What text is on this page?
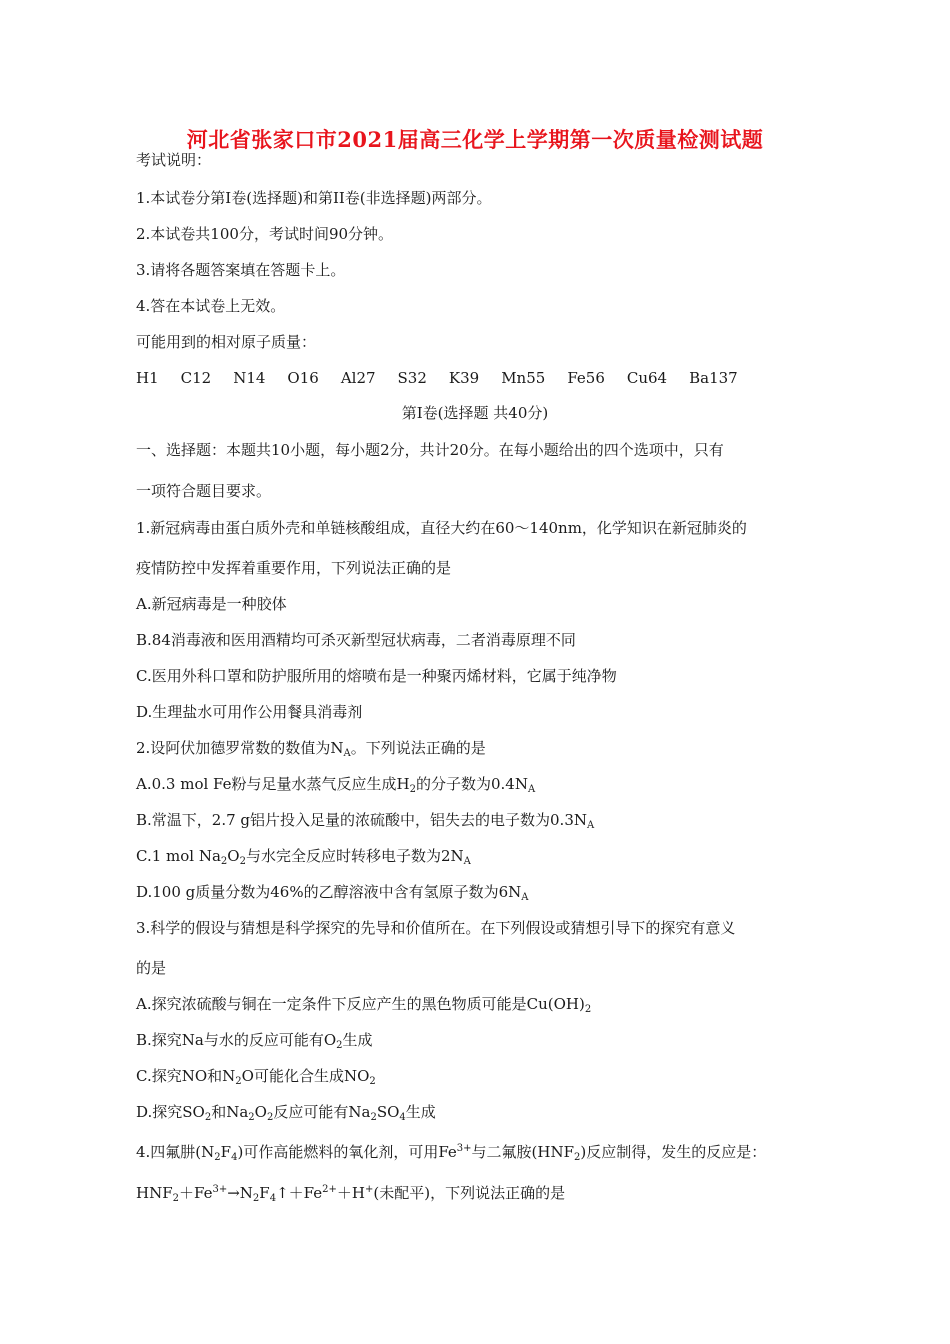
河北省张家口市2021届高三化学上学期第一次质量检测试题
考试说明：
1.本试卷分第Ⅰ卷(选择题)和第II卷(非选择题)两部分。
2.本试卷共100分，考试时间90分钟。
3.请将各题答案填在答题卡上。
4.答在本试卷上无效。
可能用到的相对原子质量：
H1 C12 N14 O16 Al27 S32 K39 Mn55 Fe56 Cu64 Ba137
第Ⅰ卷(选择题 共40分)
一、选择题：本题共10小题，每小题2分，共计20分。在每小题给出的四个选项中，只有
一项符合题目要求。
1.新冠病毒由蛋白质外壳和单链核酸组成，直径大约在60～140nm，化学知识在新冠肺炎的
疫情防控中发挥着重要作用，下列说法正确的是
A.新冠病毒是一种胶体
B.84消毒液和医用酒精均可杀灭新型冠状病毒，二者消毒原理不同
C.医用外科口罩和防护服所用的熔喷布是一种聚丙烯材料，它属于纯净物
D.生理盐水可用作公用餐具消毒剂
2.设阿伏加德罗常数的数值为$N_A$。下列说法正确的是
A.0.3 mol Fe粉与足量水蒸气反应生成$H_2$的分子数为$0.4N_A$
B.常温下，2.7 g铝片投入足量的浓硫酸中，铝失去的电子数为$0.3N_A$
C.1 mol $Na_2O_2$与水完全反应时转移电子数为$2N_A$
D.100 g质量分数为46%的乙醇溶液中含有氢原子数为$6N_A$
3.科学的假设与猜想是科学探究的先导和价值所在。在下列假设或猜想引导下的探究有意义
的是
A.探究浓硫酸与铜在一定条件下反应产生的黑色物质可能是$Cu(OH)_2$
B.探究Na与水的反应可能有$O_2$生成
C.探究NO和$N_2O$可能化合生成$NO_2$
D.探究$SO_2$和$Na_2O_2$反应可能有$Na_2SO_4$生成
4.四氟肼$(N_2F_4)$可作高能燃料的氧化剂，可用$Fe^{3+}$与二氟胺$(HNF_2)$反应制得，发生的反应是：
$HNF_2+Fe^{3+}\to N_2F_4↑+Fe^{2+}+H^+$(未配平)，下列说法正确的是
